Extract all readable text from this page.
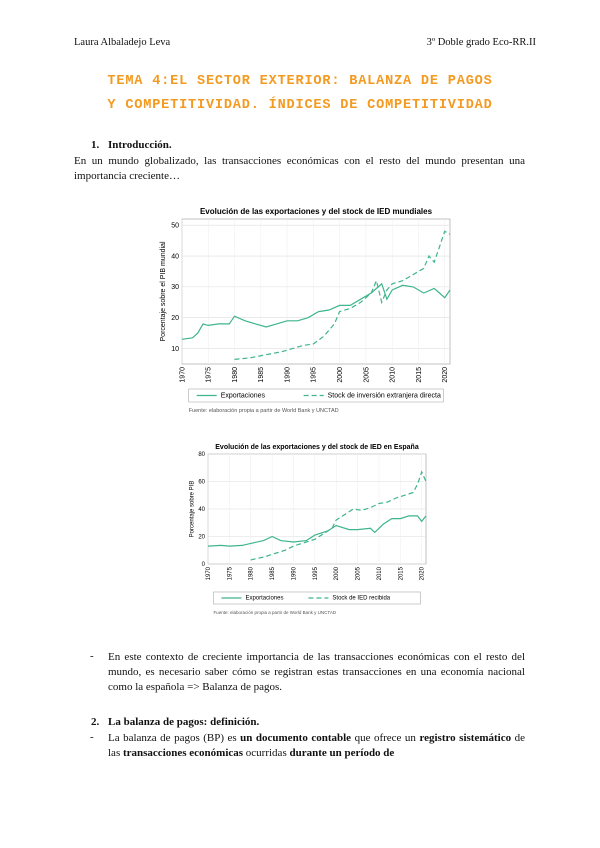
Laura Albaladejo Leva	3º Doble grado Eco-RR.II
TEMA 4:EL SECTOR EXTERIOR: BALANZA DE PAGOS
Y COMPETITIVIDAD. ÍNDICES DE COMPETITIVIDAD
1. Introducción.
En un mundo globalizado, las transacciones económicas con el resto del mundo presentan una importancia creciente…
Evolución de las exportaciones y del stock de IED mundiales
10
20
30
40
50
1970	1975	1980	1985	1990	1995	2000	2005	2010	2015	2020
Porcentaje sobre el PIB mundial
Exportaciones	Stock de inversión extranjera directa
Fuente: elaboración propia a partir de World Bank y UNCTAD
Evolución de las exportaciones y del stock de IED en España
0
20
40
60
80
1970	1975	1980	1985	1990	1995	2000	2005	2010	2015	2020
Porcentaje sobre PIB
Exportaciones	Stock de IED recibida
Fuente: elaboración propia a partir de World Bank y UNCTAD
- En este contexto de creciente importancia de las transacciones económicas con el resto del mundo, es necesario saber cómo se registran estas transacciones en una economía nacional como la española => Balanza de pagos.
2. La balanza de pagos: definición.
- La balanza de pagos (BP) es un documento contable que ofrece un registro sistemático de las transacciones económicas ocurridas durante un período de
